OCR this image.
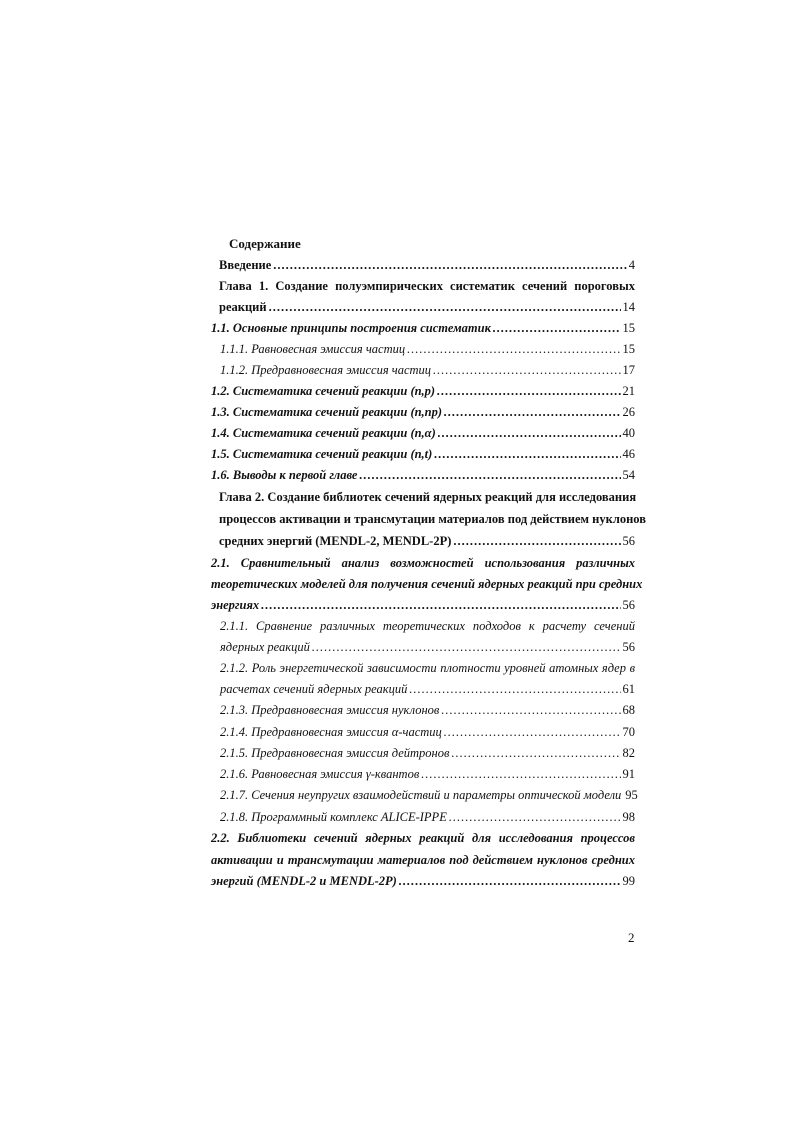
Содержание
Введение .....	4
Глава 1. Создание полуэмпирических систематик сечений пороговых
реакций .....	14
1.1. Основные принципы построения систематик .....	15
1.1.1. Равновесная эмиссия частиц .....	15
1.1.2. Предравновесная эмиссия частиц .....	17
1.2. Систематика сечений реакции (n,p) .....	21
1.3. Систематика сечений реакции (n,np) .....	26
1.4. Систематика сечений реакции (n,α) .....	40
1.5. Систематика сечений реакции (n,t) .....	46
1.6. Выводы к первой главе .....	54
Глава 2. Создание библиотек сечений ядерных реакций для исследования
процессов активации и трансмутации материалов под действием нуклонов
средних энергий (MENDL-2, MENDL-2P) .....	56
2.1. Сравнительный анализ возможностей использования различных
теоретических моделей для получения сечений ядерных реакций при средних
энергиях .....	56
2.1.1. Сравнение различных теоретических подходов к расчету сечений
ядерных реакций .....	56
2.1.2. Роль энергетической зависимости плотности уровней атомных ядер в
расчетах сечений ядерных реакций .....	61
2.1.3. Предравновесная эмиссия нуклонов .....	68
2.1.4. Предравновесная эмиссия α-частиц .....	70
2.1.5. Предравновесная эмиссия дейтронов .....	82
2.1.6. Равновесная эмиссия γ-квантов .....	91
2.1.7. Сечения неупругих взаимодействий и параметры оптической модели 95
2.1.8. Программный комплекс ALICE-IPPE .....	98
2.2. Библиотеки сечений ядерных реакций для исследования процессов
активации и трансмутации материалов под действием нуклонов средних
энергий (MENDL-2 и MENDL-2P) .....	99
2
